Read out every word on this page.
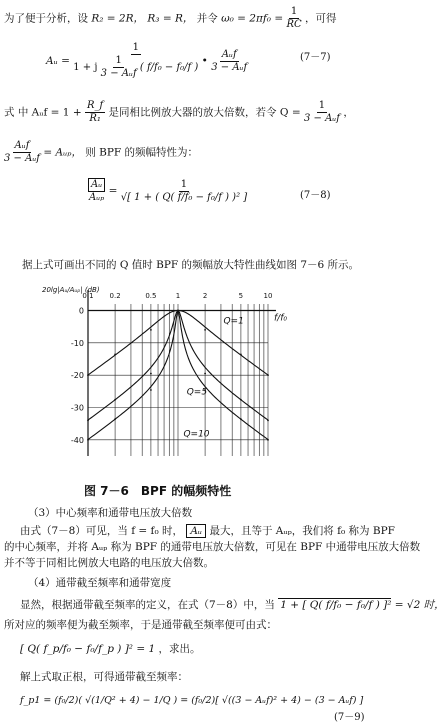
为了便于分析，设 R₂ = 2R， R₃ = R， 并令 $\omega_0 = 2\pi f_0 = \frac{1}{RC}$ ，可得
Aᵤ =
1
1 + j $\frac{1}{\text{3 − Aᵤf}}$ ( f/f₀ − f₀/f )
• $\frac{\text{Aᵤf}}{\text{3 − Aᵤf}}$	(7－7)
式 中 Aᵤf = $1 + \frac{R\_f}{\text{R₁}}$ 是同相比例放大器的放大倍数，若令 $Q = \frac{1}{\text{3 − Aᵤf}}$ ，
$\frac{\text{Aᵤf}}{\text{3 − Aᵤf}}$ = Aᵤₚ， 则 BPF 的频幅特性为：
$\frac{\text{Aᵤ}}{\text{Aᵤₚ}} = \frac{1}{\text{√[ 1 + ( Q( f/f₀ − f₀/f ) )² ]}}$	(7－8)
据上式可画出不同的 Q 值时 BPF 的频幅放大特性曲线如图 7－6 所示。
0.1 0.2	0.5	1	2	5	10
0
-10
-20
-30
-40
20lg|Aᵤ/Aᵤₚ| (dB)
f/f₀
Q=1
Q=5
Q=10
图 7－6　BPF 的幅频特性
（3）中心频率和通带电压放大倍数
由式（7－8）可见，当 f = f₀ 时， Aᵤ 最大，且等于 Aᵤₚ，我们将 f₀ 称为 BPF
的中心频率，并将 Aᵤₚ 称为 BPF 的通带电压放大倍数，可见在 BPF 中通带电压放大倍数
并不等于同相比例放大电路的电压放大倍数。
（4）通带截至频率和通带宽度
显然，根据通带截至频率的定义，在式（7－8）中，当 1 + [ Q( f/f₀ − f₀/f ) ]² = √2 时，
所对应的频率便为截至频率，于是通带截至频率便可由式：
[ Q( f_p/f₀ − f₀/f_p ) ]² = 1 ，求出。
解上式取正根，可得通带截至频率：
f_p1 = (f₀/2)( √(1/Q² + 4) − 1/Q ) = (f₀/2)[ √((3 − Aᵤf)² + 4) − (3 − Aᵤf) ]
(7－9)
